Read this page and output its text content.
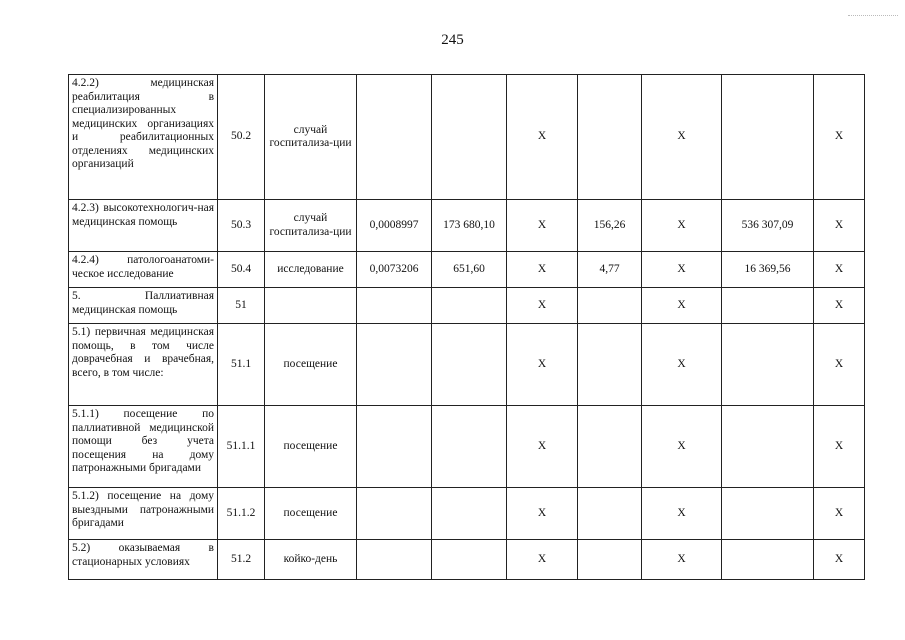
245
4.2.2) медицинская реабилитация в специализированных медицинских организациях и реабилитационных отделениях медицинских организаций	50.2	случай госпитализа-ции			X		X		X
4.2.3) высокотехнологич-ная медицинская помощь	50.3	случай госпитализа-ции	0,0008997	173 680,10	X	156,26	X	536 307,09	X
4.2.4) патологоанатоми-ческое исследование	50.4	исследование	0,0073206	651,60	X	4,77	X	16 369,56	X
5. Паллиативная медицинская помощь	51				X		X		X
5.1) первичная медицинская помощь, в том числе доврачебная и врачебная, всего, в том числе:	51.1	посещение			X		X		X
5.1.1) посещение по паллиативной медицинской помощи без учета посещения на дому патронажными бригадами	51.1.1	посещение			X		X		X
5.1.2) посещение на дому выездными патронажными бригадами	51.1.2	посещение			X		X		X
5.2) оказываемая в стационарных условиях	51.2	койко-день			X		X		X
